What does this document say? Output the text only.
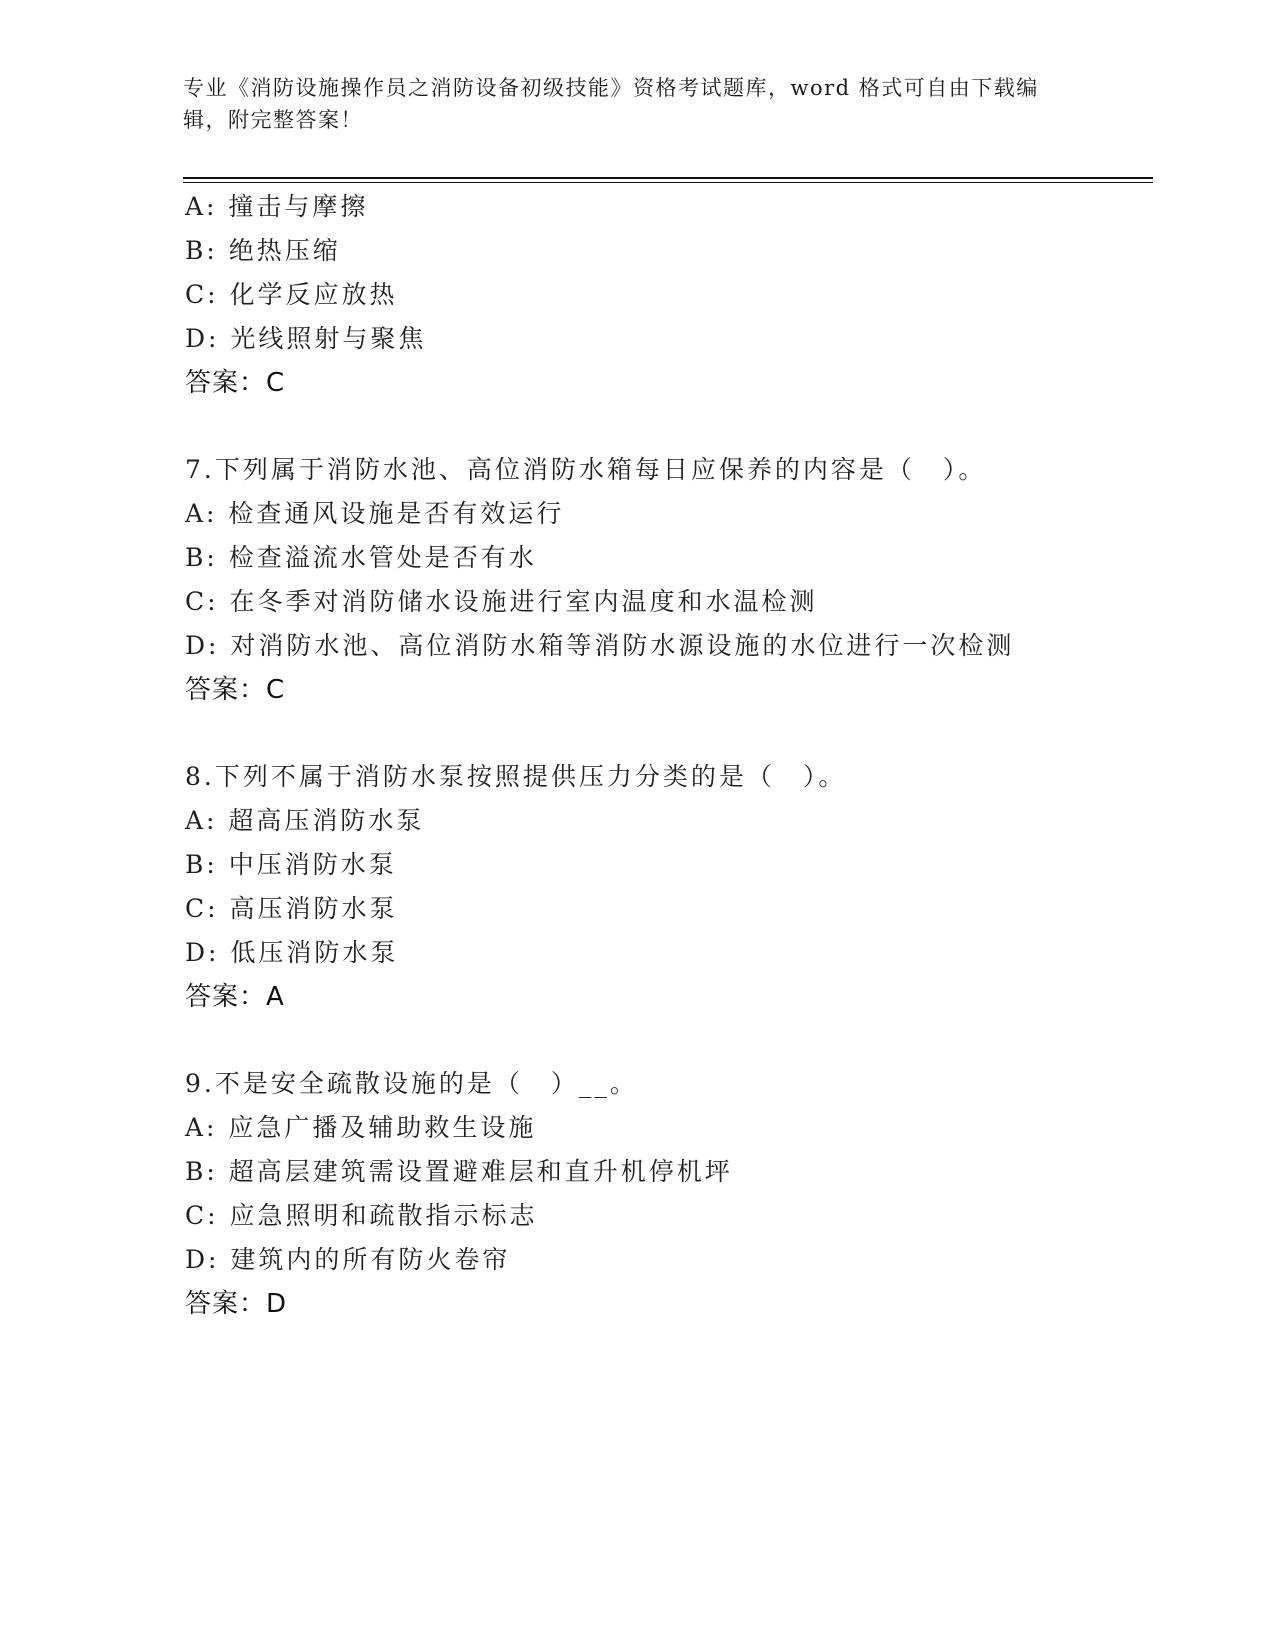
专业《消防设施操作员之消防设备初级技能》资格考试题库，word 格式可自由下载编辑，附完整答案！
A: 撞击与摩擦
B: 绝热压缩
C: 化学反应放热
D: 光线照射与聚焦
答案：C
7.下列属于消防水池、高位消防水箱每日应保养的内容是（　）。
A: 检查通风设施是否有效运行
B: 检查溢流水管处是否有水
C: 在冬季对消防储水设施进行室内温度和水温检测
D: 对消防水池、高位消防水箱等消防水源设施的水位进行一次检测
答案：C
8.下列不属于消防水泵按照提供压力分类的是（　）。
A: 超高压消防水泵
B: 中压消防水泵
C: 高压消防水泵
D: 低压消防水泵
答案：A
9.不是安全疏散设施的是（　）__。
A: 应急广播及辅助救生设施
B: 超高层建筑需设置避难层和直升机停机坪
C: 应急照明和疏散指示标志
D: 建筑内的所有防火卷帘
答案：D
